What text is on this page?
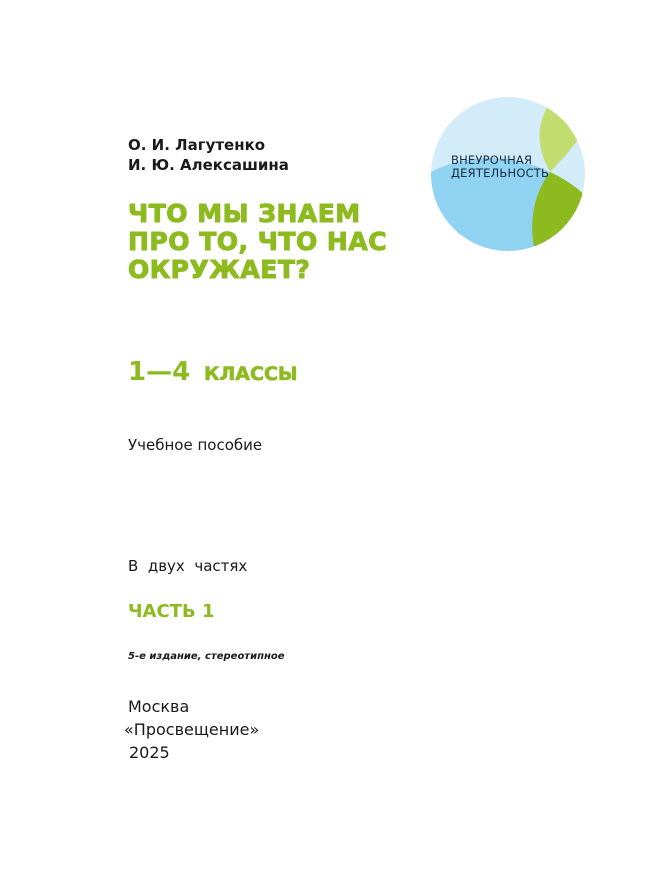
О. И. Лагутенко
И. Ю. Алексашина
ЧТО МЫ ЗНАЕМ
ПРО ТО, ЧТО НАС
ОКРУЖАЕТ?
ВНЕУРОЧНАЯ
ДЕЯТЕЛЬНОСТЬ
1—4 КЛАССЫ
Учебное пособие
В  двух  частях
ЧАСТЬ 1
5-е издание, стереотипное
Москва
«Просвещение»
2025
